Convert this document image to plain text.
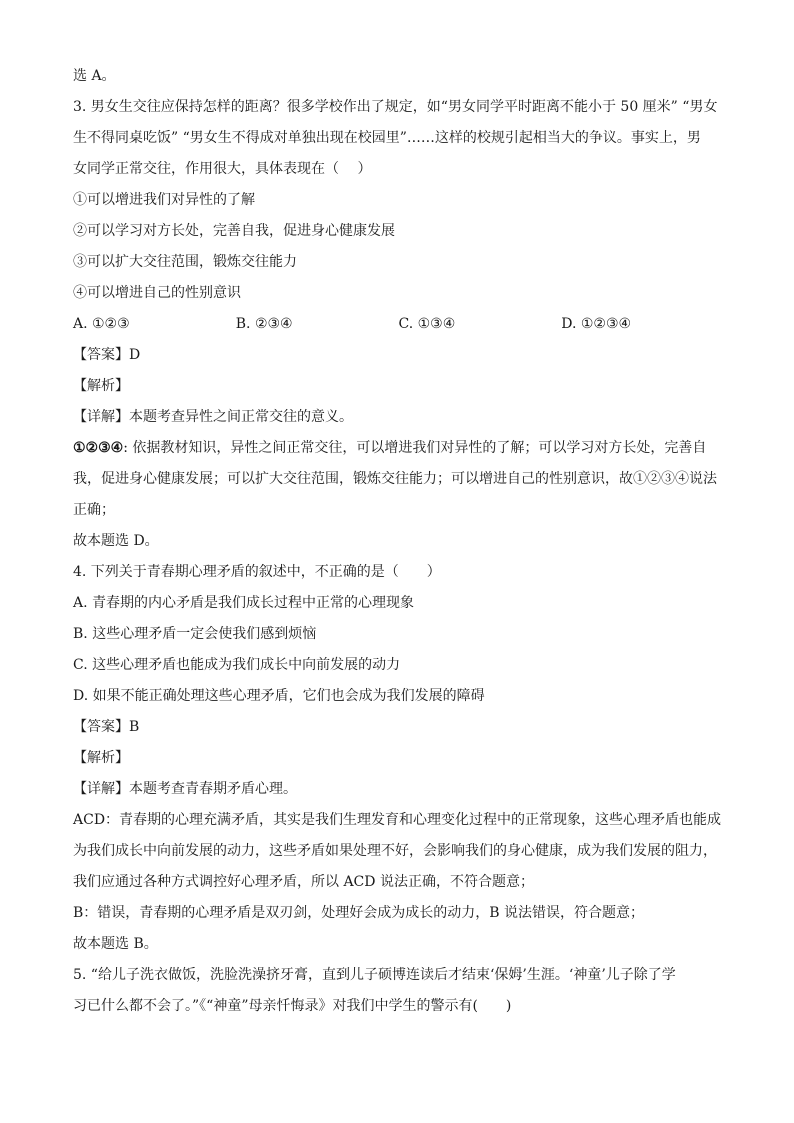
选 A。
3. 男女生交往应保持怎样的距离？很多学校作出了规定，如“男女同学平时距离不能小于 50 厘米” “男女
生不得同桌吃饭” “男女生不得成对单独出现在校园里”……这样的校规引起相当大的争议。事实上，男
女同学正常交往，作用很大，具体表现在（　 ）
①可以增进我们对异性的了解
②可以学习对方长处，完善自我，促进身心健康发展
③可以扩大交往范围，锻炼交往能力
④可以增进自己的性别意识
A. ①②③	B. ②③④	C. ①③④	D. ①②③④
【答案】D
【解析】
【详解】本题考查异性之间正常交往的意义。
①②③④: 依据教材知识，异性之间正常交往，可以增进我们对异性的了解；可以学习对方长处，完善自
我，促进身心健康发展；可以扩大交往范围，锻炼交往能力；可以增进自己的性别意识，故①②③④说法
正确；
故本题选 D。
4. 下列关于青春期心理矛盾的叙述中，不正确的是（　　）
A. 青春期的内心矛盾是我们成长过程中正常的心理现象
B. 这些心理矛盾一定会使我们感到烦恼
C. 这些心理矛盾也能成为我们成长中向前发展的动力
D. 如果不能正确处理这些心理矛盾，它们也会成为我们发展的障碍
【答案】B
【解析】
【详解】本题考查青春期矛盾心理。
ACD：青春期的心理充满矛盾，其实是我们生理发育和心理变化过程中的正常现象，这些心理矛盾也能成
为我们成长中向前发展的动力，这些矛盾如果处理不好，会影响我们的身心健康，成为我们发展的阻力，
我们应通过各种方式调控好心理矛盾，所以 ACD 说法正确，不符合题意；
B：错误，青春期的心理矛盾是双刃剑，处理好会成为成长的动力，B 说法错误，符合题意；
故本题选 B。
5. “给儿子洗衣做饭，洗脸洗澡挤牙膏，直到儿子硕博连读后才结束‘保姆’生涯。‘神童’儿子除了学
习已什么都不会了。”《“神童”母亲忏悔录》对我们中学生的警示有(　　)
